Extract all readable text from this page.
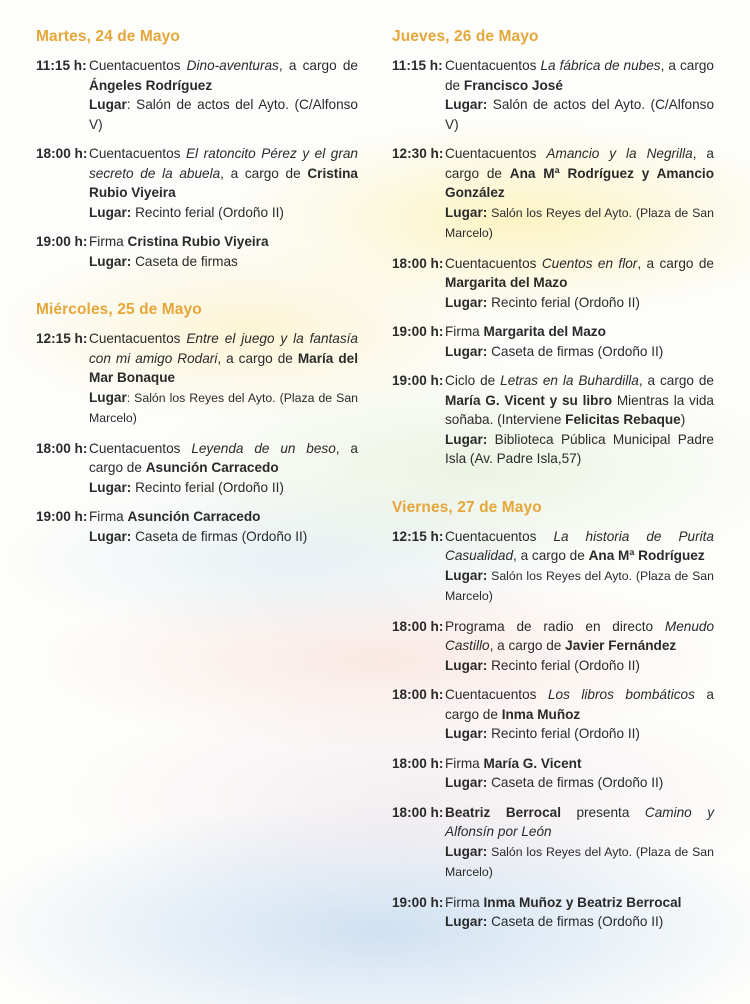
Martes, 24 de Mayo
11:15 h: Cuentacuentos Dino-aventuras, a cargo de Ángeles Rodríguez
Lugar: Salón de actos del Ayto. (C/Alfonso V)
18:00 h: Cuentacuentos El ratoncito Pérez y el gran secreto de la abuela, a cargo de Cristina Rubio Viyeira
Lugar: Recinto ferial (Ordoño II)
19:00 h: Firma Cristina Rubio Viyeira
Lugar: Caseta de firmas
Miércoles, 25 de Mayo
12:15 h: Cuentacuentos Entre el juego y la fantasía con mi amigo Rodari, a cargo de María del Mar Bonaque
Lugar: Salón los Reyes del Ayto. (Plaza de San Marcelo)
18:00 h: Cuentacuentos Leyenda de un beso, a cargo de Asunción Carracedo
Lugar: Recinto ferial (Ordoño II)
19:00 h: Firma Asunción Carracedo
Lugar: Caseta de firmas (Ordoño II)
Jueves, 26 de Mayo
11:15 h: Cuentacuentos La fábrica de nubes, a cargo de Francisco José
Lugar: Salón de actos del Ayto. (C/Alfonso V)
12:30 h: Cuentacuentos Amancio y la Negrilla, a cargo de Ana Mª Rodríguez y Amancio González
Lugar: Salón los Reyes del Ayto. (Plaza de San Marcelo)
18:00 h: Cuentacuentos Cuentos en flor, a cargo de Margarita del Mazo
Lugar: Recinto ferial (Ordoño II)
19:00 h: Firma Margarita del Mazo
Lugar: Caseta de firmas (Ordoño II)
19:00 h: Ciclo de Letras en la Buhardilla, a cargo de María G. Vicent y su libro Mientras la vida soñaba. (Interviene Felicitas Rebaque)
Lugar: Biblioteca Pública Municipal Padre Isla (Av. Padre Isla,57)
Viernes, 27 de Mayo
12:15 h: Cuentacuentos La historia de Purita Casualidad, a cargo de Ana Mª Rodríguez
Lugar: Salón los Reyes del Ayto. (Plaza de San Marcelo)
18:00 h: Programa de radio en directo Menudo Castillo, a cargo de Javier Fernández
Lugar: Recinto ferial (Ordoño II)
18:00 h: Cuentacuentos Los libros bombáticos a cargo de Inma Muñoz
Lugar: Recinto ferial (Ordoño II)
18:00 h: Firma María G. Vicent
Lugar: Caseta de firmas (Ordoño II)
18:00 h: Beatriz Berrocal presenta Camino y Alfonsín por León
Lugar: Salón los Reyes del Ayto. (Plaza de San Marcelo)
19:00 h: Firma Inma Muñoz y Beatriz Berrocal
Lugar: Caseta de firmas (Ordoño II)
